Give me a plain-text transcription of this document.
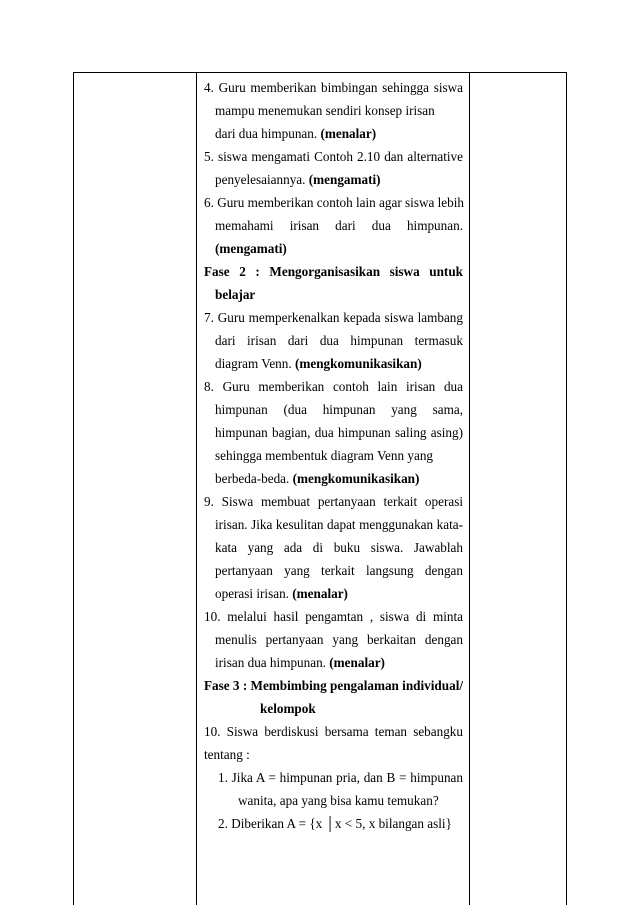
4. Guru memberikan bimbingan sehingga siswa
mampu menemukan sendiri konsep irisan
dari dua himpunan. (menalar)
5. siswa mengamati Contoh 2.10 dan alternative
penyelesaiannya. (mengamati)
6. Guru memberikan contoh lain agar siswa lebih
memahami irisan dari dua himpunan.
(mengamati)
Fase 2 : Mengorganisasikan siswa untuk
belajar
7. Guru memperkenalkan kepada siswa lambang
dari irisan dari dua himpunan termasuk
diagram Venn. (mengkomunikasikan)
8. Guru memberikan contoh lain irisan dua
himpunan (dua himpunan yang sama,
himpunan bagian, dua himpunan saling asing)
sehingga membentuk diagram Venn yang
berbeda-beda. (mengkomunikasikan)
9. Siswa membuat pertanyaan terkait operasi
irisan. Jika kesulitan dapat menggunakan kata-
kata yang ada di buku siswa. Jawablah
pertanyaan yang terkait langsung dengan
operasi irisan. (menalar)
10. melalui hasil pengamtan , siswa di minta
menulis pertanyaan yang berkaitan dengan
irisan dua himpunan. (menalar)
Fase 3 : Membimbing pengalaman individual/
kelompok
10. Siswa berdiskusi bersama teman sebangku
tentang :
1. Jika A = himpunan pria, dan B = himpunan
wanita, apa yang bisa kamu temukan?
2. Diberikan A = {x │x < 5, x bilangan asli}
